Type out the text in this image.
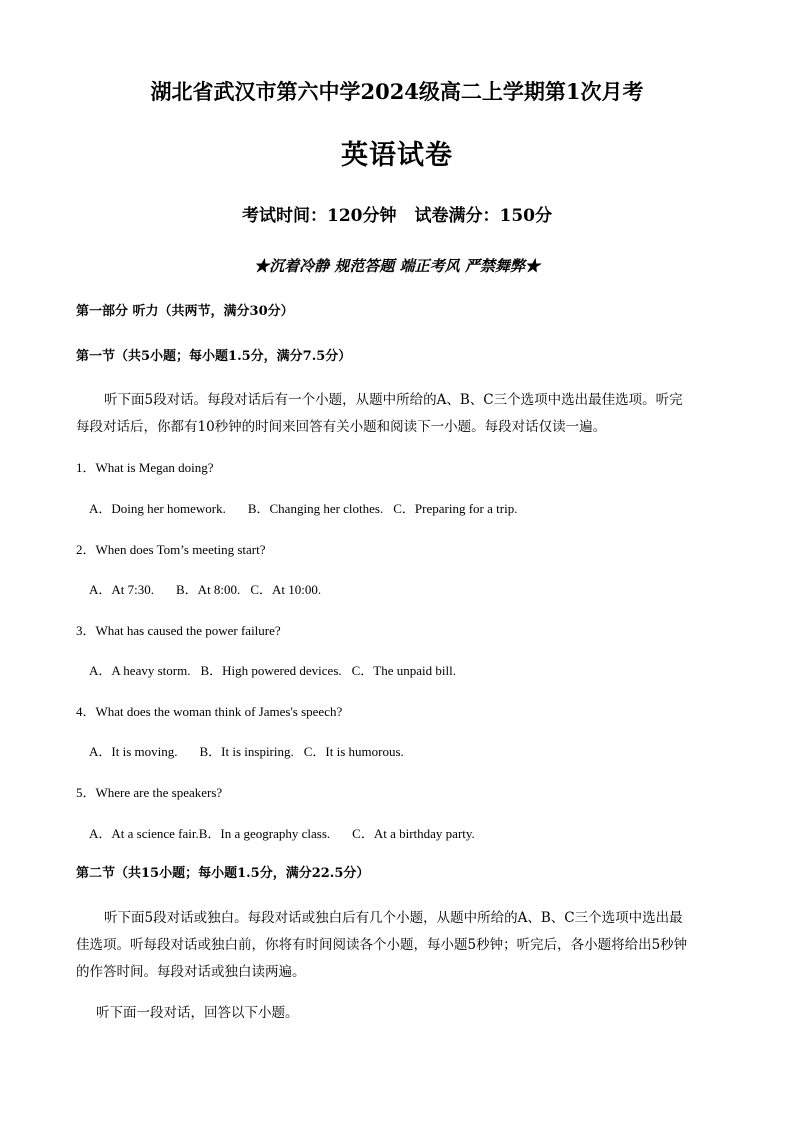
湖北省武汉市第六中学2024级高二上学期第1次月考
英语试卷
考试时间：120分钟 试卷满分：150分
★沉着冷静 规范答题 端正考风 严禁舞弊★
第一部分 听力（共两节，满分30分）
第一节（共5小题；每小题1.5分，满分7.5分）
听下面5段对话。每段对话后有一个小题，从题中所给的A、B、C三个选项中选出最佳选项。听完
每段对话后，你都有10秒钟的时间来回答有关小题和阅读下一小题。每段对话仅读一遍。
1．What is Megan doing?
A．Doing her homework. B．Changing her clothes. C．Preparing for a trip.
2．When does Tom’s meeting start?
A．At 7:30. B．At 8:00. C．At 10:00.
3．What has caused the power failure?
A．A heavy storm. B．High powered devices. C．The unpaid bill.
4．What does the woman think of James's speech?
A．It is moving. B．It is inspiring. C．It is humorous.
5．Where are the speakers?
A．At a science fair.B．In a geography class. C．At a birthday party.
第二节（共15小题；每小题1.5分，满分22.5分）
听下面5段对话或独白。每段对话或独白后有几个小题，从题中所给的A、B、C三个选项中选出最
佳选项。听每段对话或独白前，你将有时间阅读各个小题，每小题5秒钟；听完后，各小题将给出5秒钟
的作答时间。每段对话或独白读两遍。
听下面一段对话，回答以下小题。
